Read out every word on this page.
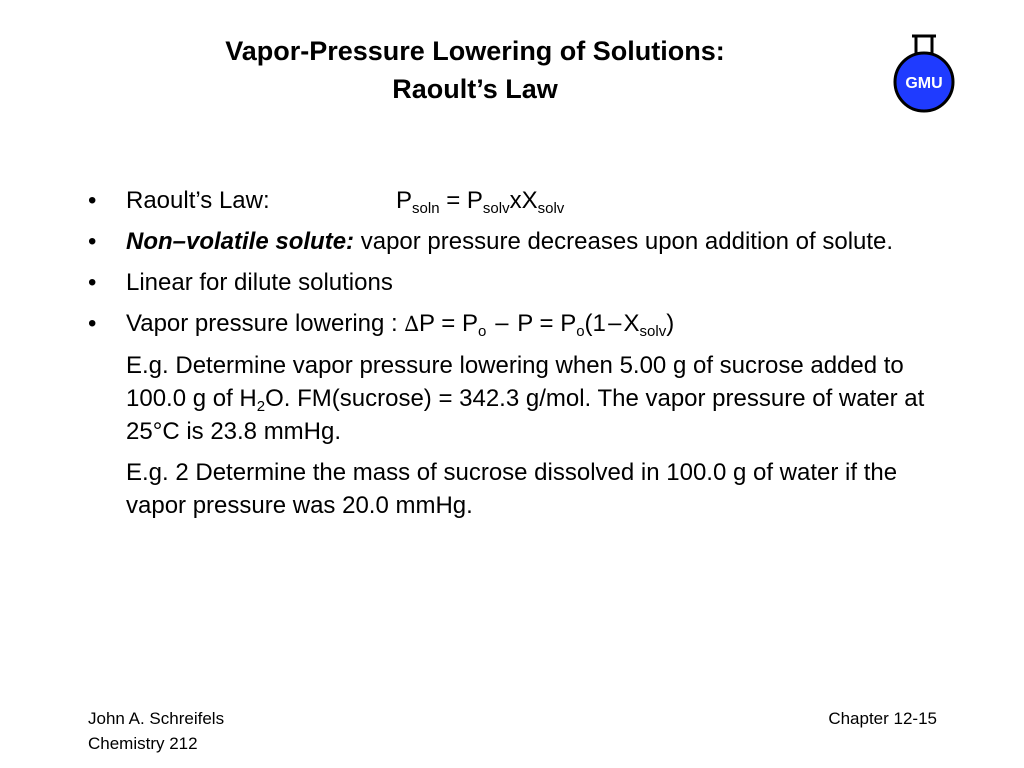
Vapor-Pressure Lowering of Solutions:
Raoult’s Law	GMU
• Raoult’s Law:	$P_{soln} = P_{solv}xX_{solv}$
• Non–volatile solute: vapor pressure decreases upon addition of solute.
• Linear for dilute solutions
• Vapor pressure lowering : $\Delta P = P_o - P = P_o(1-X_{solv})$
E.g. Determine vapor pressure lowering when 5.00 g of sucrose added to 100.0 g of $H_2O$. FM(sucrose) = 342.3 g/mol. The vapor pressure of water at 25°C is 23.8 mmHg.
E.g. 2 Determine the mass of sucrose dissolved in 100.0 g of water if the vapor pressure was 20.0 mmHg.
John A. Schreifels
Chemistry 212
Chapter 12-15
